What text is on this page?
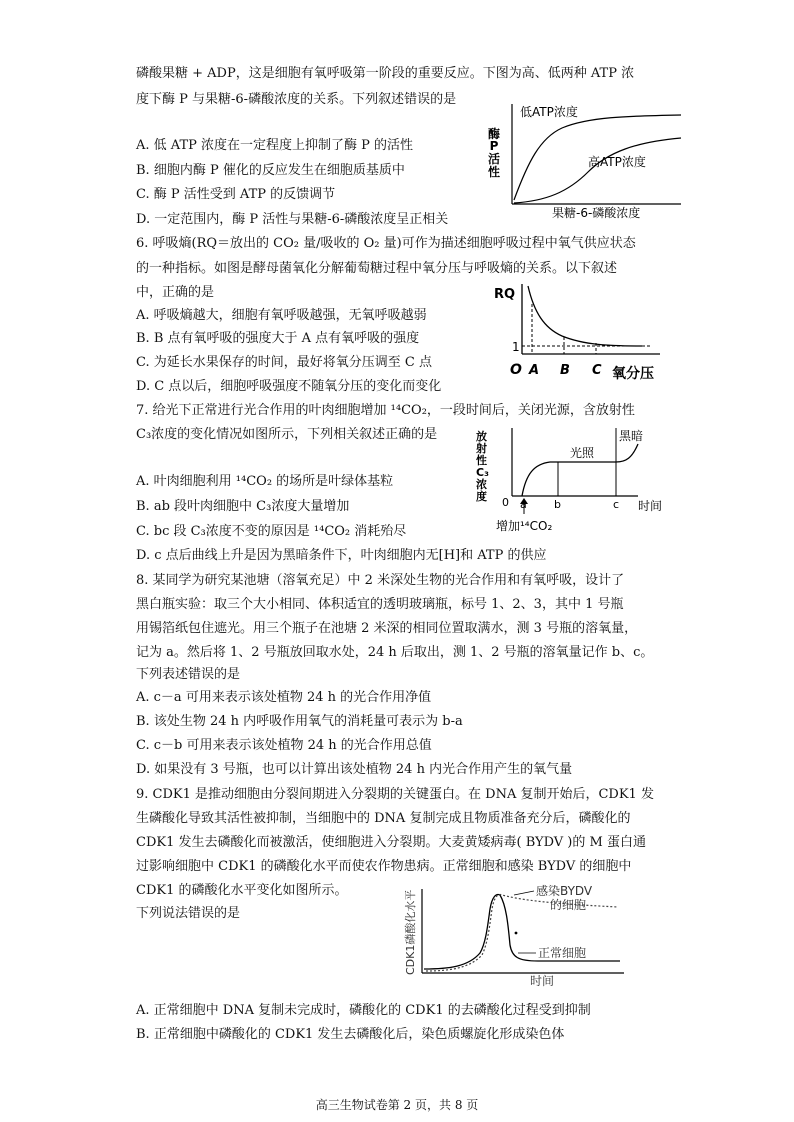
磷酸果糖 + ADP，这是细胞有氧呼吸第一阶段的重要反应。下图为高、低两种 ATP 浓
度下酶 P 与果糖-6-磷酸浓度的关系。下列叙述错误的是
A. 低 ATP 浓度在一定程度上抑制了酶 P 的活性
B. 细胞内酶 P 催化的反应发生在细胞质基质中
C. 酶 P 活性受到 ATP 的反馈调节
D. 一定范围内，酶 P 活性与果糖-6-磷酸浓度呈正相关
低ATP浓度
高ATP浓度
酶
P
活
性
果糖-6-磷酸浓度
6. 呼吸熵(RQ＝放出的 CO₂ 量/吸收的 O₂ 量)可作为描述细胞呼吸过程中氧气供应状态
的一种指标。如图是酵母菌氧化分解葡萄糖过程中氧分压与呼吸熵的关系。以下叙述
中，正确的是
A. 呼吸熵越大，细胞有氧呼吸越强，无氧呼吸越弱
B. B 点有氧呼吸的强度大于 A 点有氧呼吸的强度
C. 为延长水果保存的时间，最好将氧分压调至 C 点
D. C 点以后，细胞呼吸强度不随氧分压的变化而变化
RQ
1
O A B C 氧分压
7. 给光下正常进行光合作用的叶肉细胞增加 ¹⁴CO₂，一段时间后，关闭光源，含放射性
C₃浓度的变化情况如图所示，下列相关叙述正确的是
A. 叶肉细胞利用 ¹⁴CO₂ 的场所是叶绿体基粒
B. ab 段叶肉细胞中 C₃浓度大量增加
C. bc 段 C₃浓度不变的原因是 ¹⁴CO₂ 消耗殆尽
D. c 点后曲线上升是因为黑暗条件下，叶肉细胞内无[H]和 ATP 的供应
放
射
性
C₃
浓
度
光照
黑暗
0 a b	c 时间
增加¹⁴CO₂
8. 某同学为研究某池塘（溶氧充足）中 2 米深处生物的光合作用和有氧呼吸，设计了
黑白瓶实验：取三个大小相同、体积适宜的透明玻璃瓶，标号 1、2、3，其中 1 号瓶
用锡箔纸包住遮光。用三个瓶子在池塘 2 米深的相同位置取满水，测 3 号瓶的溶氧量，
记为 a。然后将 1、2 号瓶放回取水处，24 h 后取出，测 1、2 号瓶的溶氧量记作 b、c。
下列表述错误的是
A. c－a 可用来表示该处植物 24 h 的光合作用净值
B. 该处生物 24 h 内呼吸作用氧气的消耗量可表示为 b-a
C. c－b 可用来表示该处植物 24 h 的光合作用总值
D. 如果没有 3 号瓶，也可以计算出该处植物 24 h 内光合作用产生的氧气量
9. CDK1 是推动细胞由分裂间期进入分裂期的关键蛋白。在 DNA 复制开始后，CDK1 发
生磷酸化导致其活性被抑制，当细胞中的 DNA 复制完成且物质准备充分后，磷酸化的
CDK1 发生去磷酸化而被激活，使细胞进入分裂期。大麦黄矮病毒( BYDV )的 M 蛋白通
过影响细胞中 CDK1 的磷酸化水平而使农作物患病。正常细胞和感染 BYDV 的细胞中
CDK1 的磷酸化水平变化如图所示。
下列说法错误的是
A. 正常细胞中 DNA 复制未完成时，磷酸化的 CDK1 的去磷酸化过程受到抑制
B. 正常细胞中磷酸化的 CDK1 发生去磷酸化后，染色质螺旋化形成染色体
感染BYDV
的细胞
正常细胞
时间
CDK1磷酸化水平
高三生物试卷第 2 页，共 8 页
